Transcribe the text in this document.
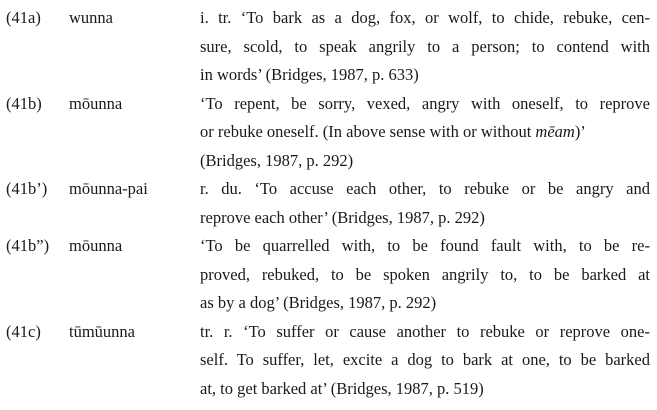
(41a) wunna	i. tr. ‘To bark as a dog, fox, or wolf, to chide, rebuke, cen-
sure, scold, to speak angrily to a person; to contend with
in words’ (Bridges, 1987, p. 633)
(41b) mōunna	‘To repent, be sorry, vexed, angry with oneself, to reprove
or rebuke oneself. (In above sense with or without mēam)’
(Bridges, 1987, p. 292)
(41b’) mōunna-pai	r. du. ‘To accuse each other, to rebuke or be angry and
reprove each other’ (Bridges, 1987, p. 292)
(41b”) mōunna	‘To be quarrelled with, to be found fault with, to be re-
proved, rebuked, to be spoken angrily to, to be barked at
as by a dog’ (Bridges, 1987, p. 292)
(41c) tūmūunna	tr. r. ‘To suffer or cause another to rebuke or reprove one-
self. To suffer, let, excite a dog to bark at one, to be barked
at, to get barked at’ (Bridges, 1987, p. 519)
